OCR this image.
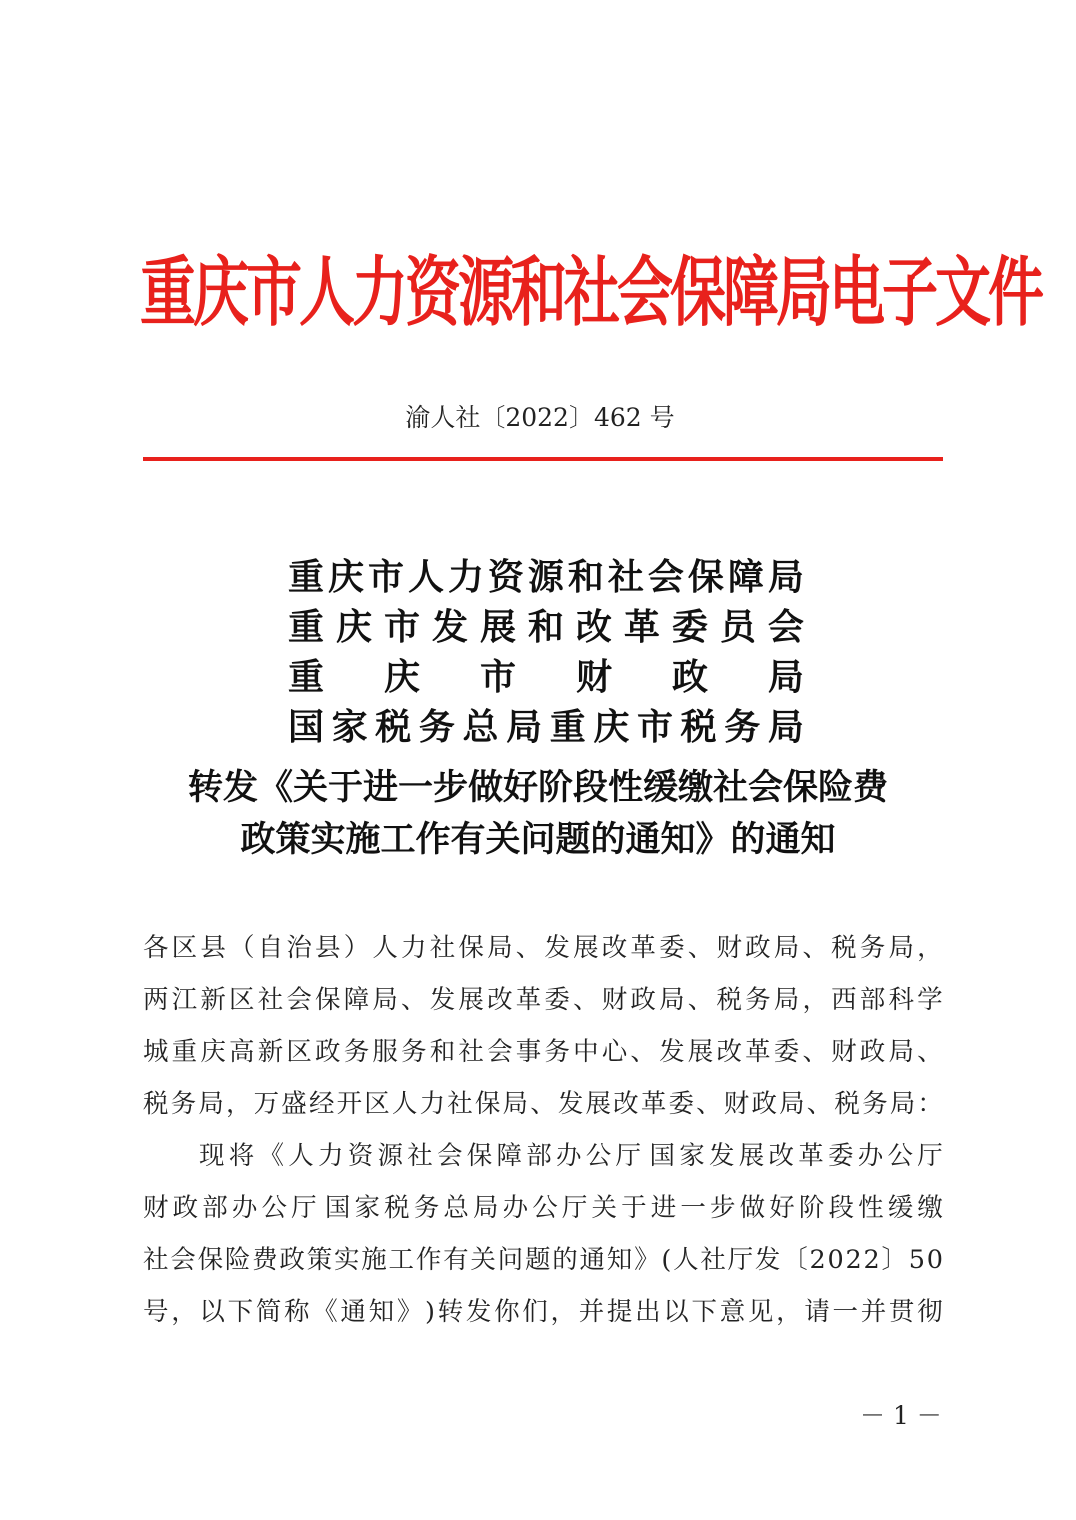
重庆市人力资源和社会保障局电子文件
渝人社〔2022〕462 号
重 庆 市 人 力 资 源 和 社 会 保 障 局
重 庆 市 发 展 和 改 革 委 员 会
重 庆 市 财 政 局
国 家 税 务 总 局 重 庆 市 税 务 局
转发《关于进一步做好阶段性缓缴社会保险费
政策实施工作有关问题的通知》的通知
各 区 县 （ 自 治 县 ） 人 力 社 保 局 、 发 展 改 革 委 、 财 政 局 、 税 务 局 ，
两 江 新 区 社 会 保 障 局 、 发 展 改 革 委 、 财 政 局 、 税 务 局 ， 西 部 科 学
城 重 庆 高 新 区 政 务 服 务 和 社 会 事 务 中 心 、 发 展 改 革 委 、 财 政 局 、
税 务 局 ， 万 盛 经 开 区 人 力 社 保 局 、 发 展 改 革 委 、 财 政 局 、 税 务 局 ：
现 将 《 人 力 资 源 社 会 保 障 部 办 公 厅 国 家 发 展 改 革 委 办 公 厅
财 政 部 办 公 厅 国 家 税 务 总 局 办 公 厅 关 于 进 一 步 做 好 阶 段 性 缓 缴
社 会 保 险 费 政 策 实 施 工 作 有 关 问 题 的 通 知 》 ( 人 社 厅 发 〔 2 0 2 2 〕 5 0
号 ， 以 下 简 称 《 通 知 》 ) 转 发 你 们 ， 并 提 出 以 下 意 见 ， 请 一 并 贯 彻
－ 1 －
